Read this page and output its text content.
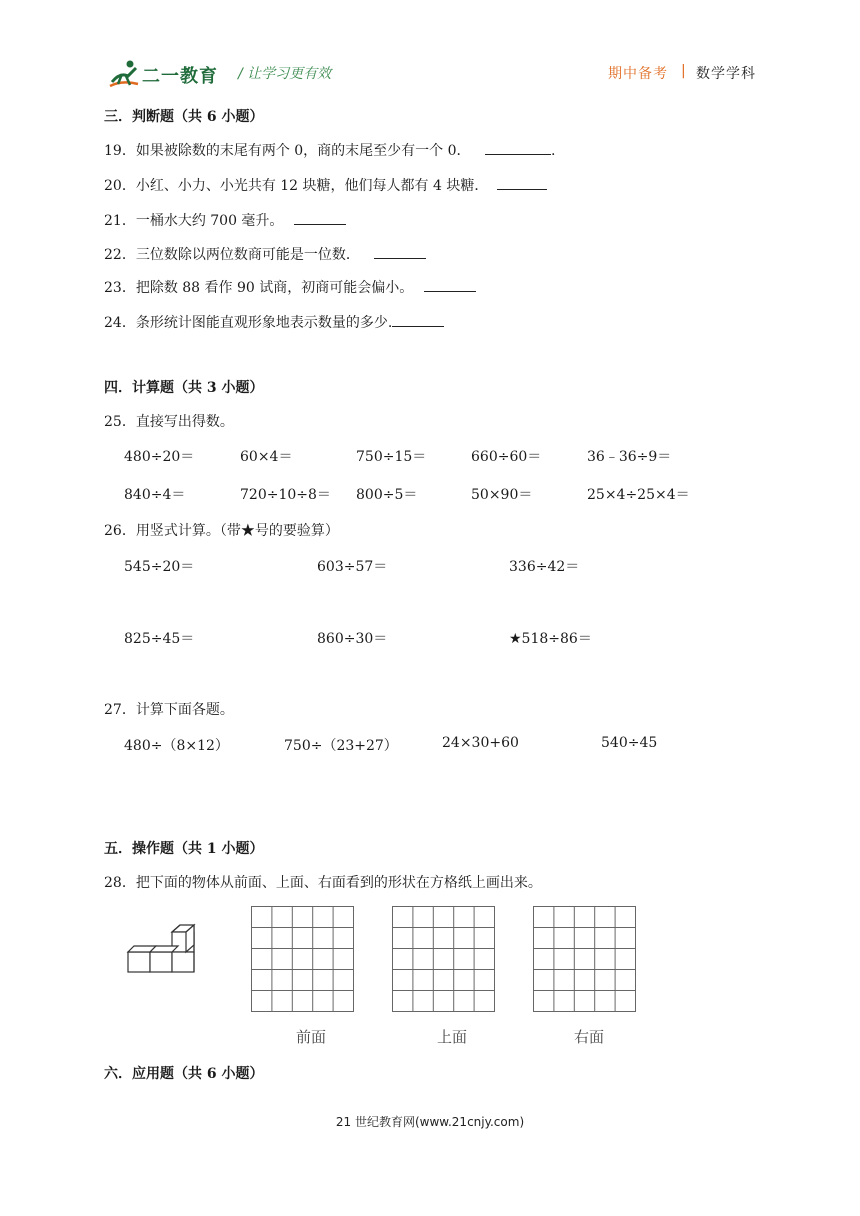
二一教育 / 让学习更有效	期中备考 | 数学学科
三．判断题（共 6 小题）
19．如果被除数的末尾有两个 0，商的末尾至少有一个 0．	.
20．小红、小力、小光共有 12 块糖，他们每人都有 4 块糖．
21．一桶水大约 700 毫升。
22．三位数除以两位数商可能是一位数．
23．把除数 88 看作 90 试商，初商可能会偏小。
24．条形统计图能直观形象地表示数量的多少.
四．计算题（共 3 小题）
25．直接写出得数。
480÷20＝	60×4＝	750÷15＝	660÷60＝	36﹣36÷9＝
840÷4＝	720÷10÷8＝ 800÷5＝	50×90＝	25×4÷25×4＝
26．用竖式计算。（带★号的要验算）
545÷20＝	603÷57＝	336÷42＝
825÷45＝	860÷30＝	★518÷86＝
27．计算下面各题。
480÷（8×12）	750÷（23+27）	24×30+60	540÷45
五．操作题（共 1 小题）
28．把下面的物体从前面、上面、右面看到的形状在方格纸上画出来。
前面	上面	右面
六．应用题（共 6 小题）
21 世纪教育网(www.21cnjy.com)
